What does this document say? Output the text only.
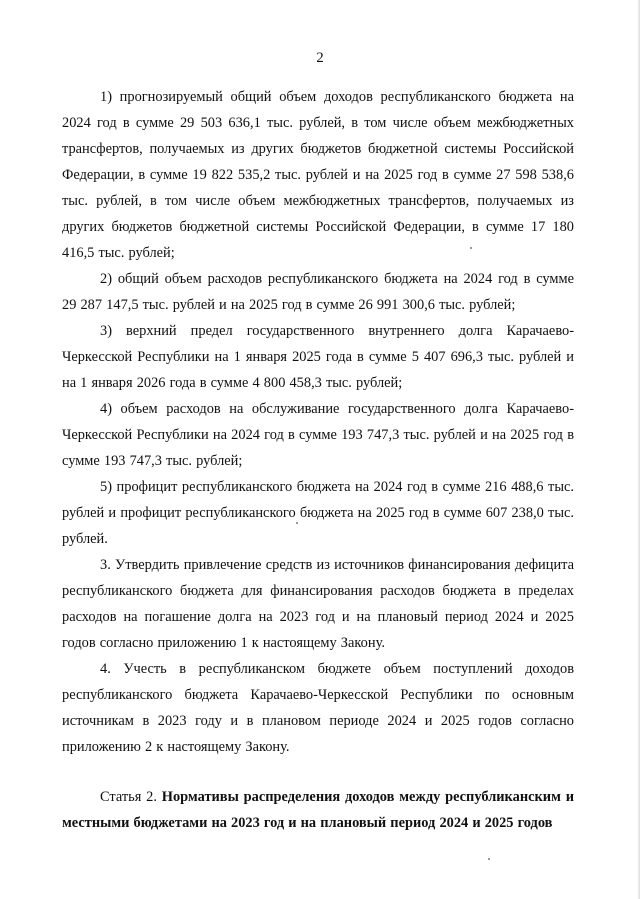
2

1) прогнозируемый общий объем доходов республиканского бюджета на 2024 год в сумме 29 503 636,1 тыс. рублей, в том числе объем межбюджетных трансфертов, получаемых из других бюджетов бюджетной системы Российской Федерации, в сумме 19 822 535,2 тыс. рублей и на 2025 год в сумме 27 598 538,6 тыс. рублей, в том числе объем межбюджетных трансфертов, получаемых из других бюджетов бюджетной системы Российской Федерации, в сумме 17 180 416,5 тыс. рублей;

2) общий объем расходов республиканского бюджета на 2024 год в сумме 29 287 147,5 тыс. рублей и на 2025 год в сумме 26 991 300,6 тыс. рублей;

3) верхний предел государственного внутреннего долга Карачаево-Черкесской Республики на 1 января 2025 года в сумме 5 407 696,3 тыс. рублей и на 1 января 2026 года в сумме 4 800 458,3 тыс. рублей;

4) объем расходов на обслуживание государственного долга Карачаево-Черкесской Республики на 2024 год в сумме 193 747,3 тыс. рублей и на 2025 год в сумме 193 747,3 тыс. рублей;

5) профицит республиканского бюджета на 2024 год в сумме 216 488,6 тыс. рублей и профицит республиканского бюджета на 2025 год в сумме 607 238,0 тыс. рублей.

3. Утвердить привлечение средств из источников финансирования дефицита республиканского бюджета для финансирования расходов бюджета в пределах расходов на погашение долга на 2023 год и на плановый период 2024 и 2025 годов согласно приложению 1 к настоящему Закону.

4. Учесть в республиканском бюджете объем поступлений доходов республиканского бюджета Карачаево-Черкесской Республики по основным источникам в 2023 году и в плановом периоде 2024 и 2025 годов согласно приложению 2 к настоящему Закону.

Статья 2. Нормативы распределения доходов между республиканским и местными бюджетами на 2023 год и на плановый период 2024 и 2025 годов
